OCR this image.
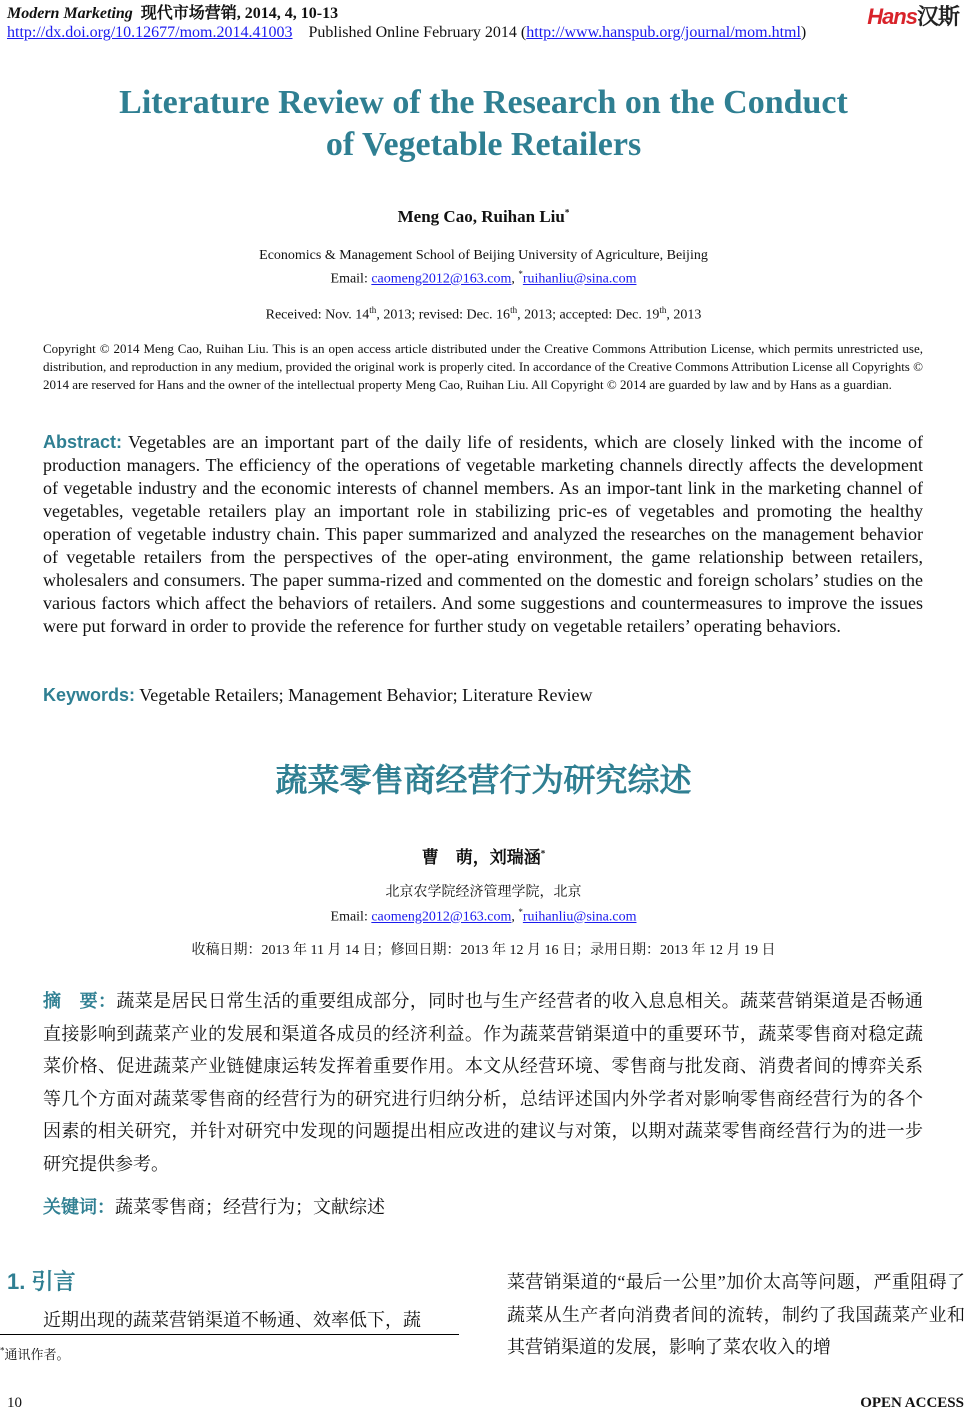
Modern Marketing 现代市场营销, 2014, 4, 10-13	Hans汉斯
http://dx.doi.org/10.12677/mom.2014.41003 Published Online February 2014 (http://www.hanspub.org/journal/mom.html)
Literature Review of the Research on the Conduct
of Vegetable Retailers
Meng Cao, Ruihan Liu*
Economics & Management School of Beijing University of Agriculture, Beijing
Email: caomeng2012@163.com, *ruihanliu@sina.com
Received: Nov. 14th, 2013; revised: Dec. 16th, 2013; accepted: Dec. 19th, 2013
Copyright © 2014 Meng Cao, Ruihan Liu. This is an open access article distributed under the Creative Commons Attribution License, which permits unrestricted use, distribution, and reproduction in any medium, provided the original work is properly cited. In accordance of the Creative Commons Attribution License all Copyrights © 2014 are reserved for Hans and the owner of the intellectual property Meng Cao, Ruihan Liu. All Copyright © 2014 are guarded by law and by Hans as a guardian.
Abstract: Vegetables are an important part of the daily life of residents, which are closely linked with the income of production managers. The efficiency of the operations of vegetable marketing channels directly affects the development of vegetable industry and the economic interests of channel members. As an impor-tant link in the marketing channel of vegetables, vegetable retailers play an important role in stabilizing pric-es of vegetables and promoting the healthy operation of vegetable industry chain. This paper summarized and analyzed the researches on the management behavior of vegetable retailers from the perspectives of the oper-ating environment, the game relationship between retailers, wholesalers and consumers. The paper summa-rized and commented on the domestic and foreign scholars’ studies on the various factors which affect the behaviors of retailers. And some suggestions and countermeasures to improve the issues were put forward in order to provide the reference for further study on vegetable retailers’ operating behaviors.
Keywords: Vegetable Retailers; Management Behavior; Literature Review
蔬菜零售商经营行为研究综述
曹　萌，刘瑞涵*
北京农学院经济管理学院，北京
Email: caomeng2012@163.com, *ruihanliu@sina.com
收稿日期：2013 年 11 月 14 日；修回日期：2013 年 12 月 16 日；录用日期：2013 年 12 月 19 日
摘　要：蔬菜是居民日常生活的重要组成部分，同时也与生产经营者的收入息息相关。蔬菜营销渠道是否畅通直接影响到蔬菜产业的发展和渠道各成员的经济利益。作为蔬菜营销渠道中的重要环节，蔬菜零售商对稳定蔬菜价格、促进蔬菜产业链健康运转发挥着重要作用。本文从经营环境、零售商与批发商、消费者间的博弈关系等几个方面对蔬菜零售商的经营行为的研究进行归纳分析，总结评述国内外学者对影响零售商经营行为的各个因素的相关研究，并针对研究中发现的问题提出相应改进的建议与对策，以期对蔬菜零售商经营行为的进一步研究提供参考。
关键词：蔬菜零售商；经营行为；文献综述
1. 引言
近期出现的蔬菜营销渠道不畅通、效率低下，蔬
*通讯作者。
菜营销渠道的“最后一公里”加价太高等问题，严重阻碍了蔬菜从生产者向消费者间的流转，制约了我国蔬菜产业和其营销渠道的发展，影响了菜农收入的增
10	OPEN ACCESS
